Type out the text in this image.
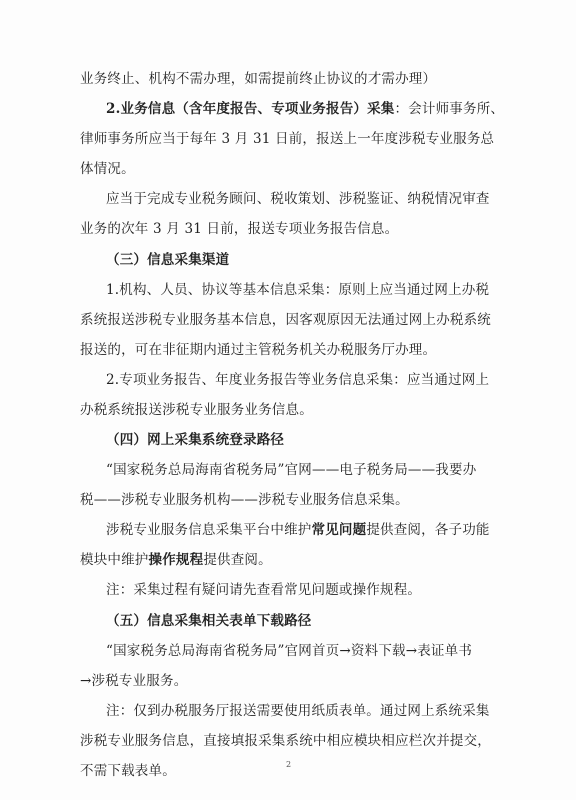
业务终止、机构不需办理，如需提前终止协议的才需办理）
2.业务信息（含年度报告、专项业务报告）采集：会计师事务所、
律师事务所应当于每年 3 月 31 日前，报送上一年度涉税专业服务总
体情况。
应当于完成专业税务顾问、税收策划、涉税鉴证、纳税情况审查
业务的次年 3 月 31 日前，报送专项业务报告信息。
（三）信息采集渠道
1.机构、人员、协议等基本信息采集：原则上应当通过网上办税
系统报送涉税专业服务基本信息，因客观原因无法通过网上办税系统
报送的，可在非征期内通过主管税务机关办税服务厅办理。
2.专项业务报告、年度业务报告等业务信息采集：应当通过网上
办税系统报送涉税专业服务业务信息。
（四）网上采集系统登录路径
“国家税务总局海南省税务局”官网——电子税务局——我要办
税——涉税专业服务机构——涉税专业服务信息采集。
涉税专业服务信息采集平台中维护常见问题提供查阅，各子功能
模块中维护操作规程提供查阅。
注：采集过程有疑问请先查看常见问题或操作规程。
（五）信息采集相关表单下载路径
“国家税务总局海南省税务局”官网首页→资料下载→表证单书
→涉税专业服务。
注：仅到办税服务厅报送需要使用纸质表单。通过网上系统采集
涉税专业服务信息，直接填报采集系统中相应模块相应栏次并提交，
不需下载表单。	2
